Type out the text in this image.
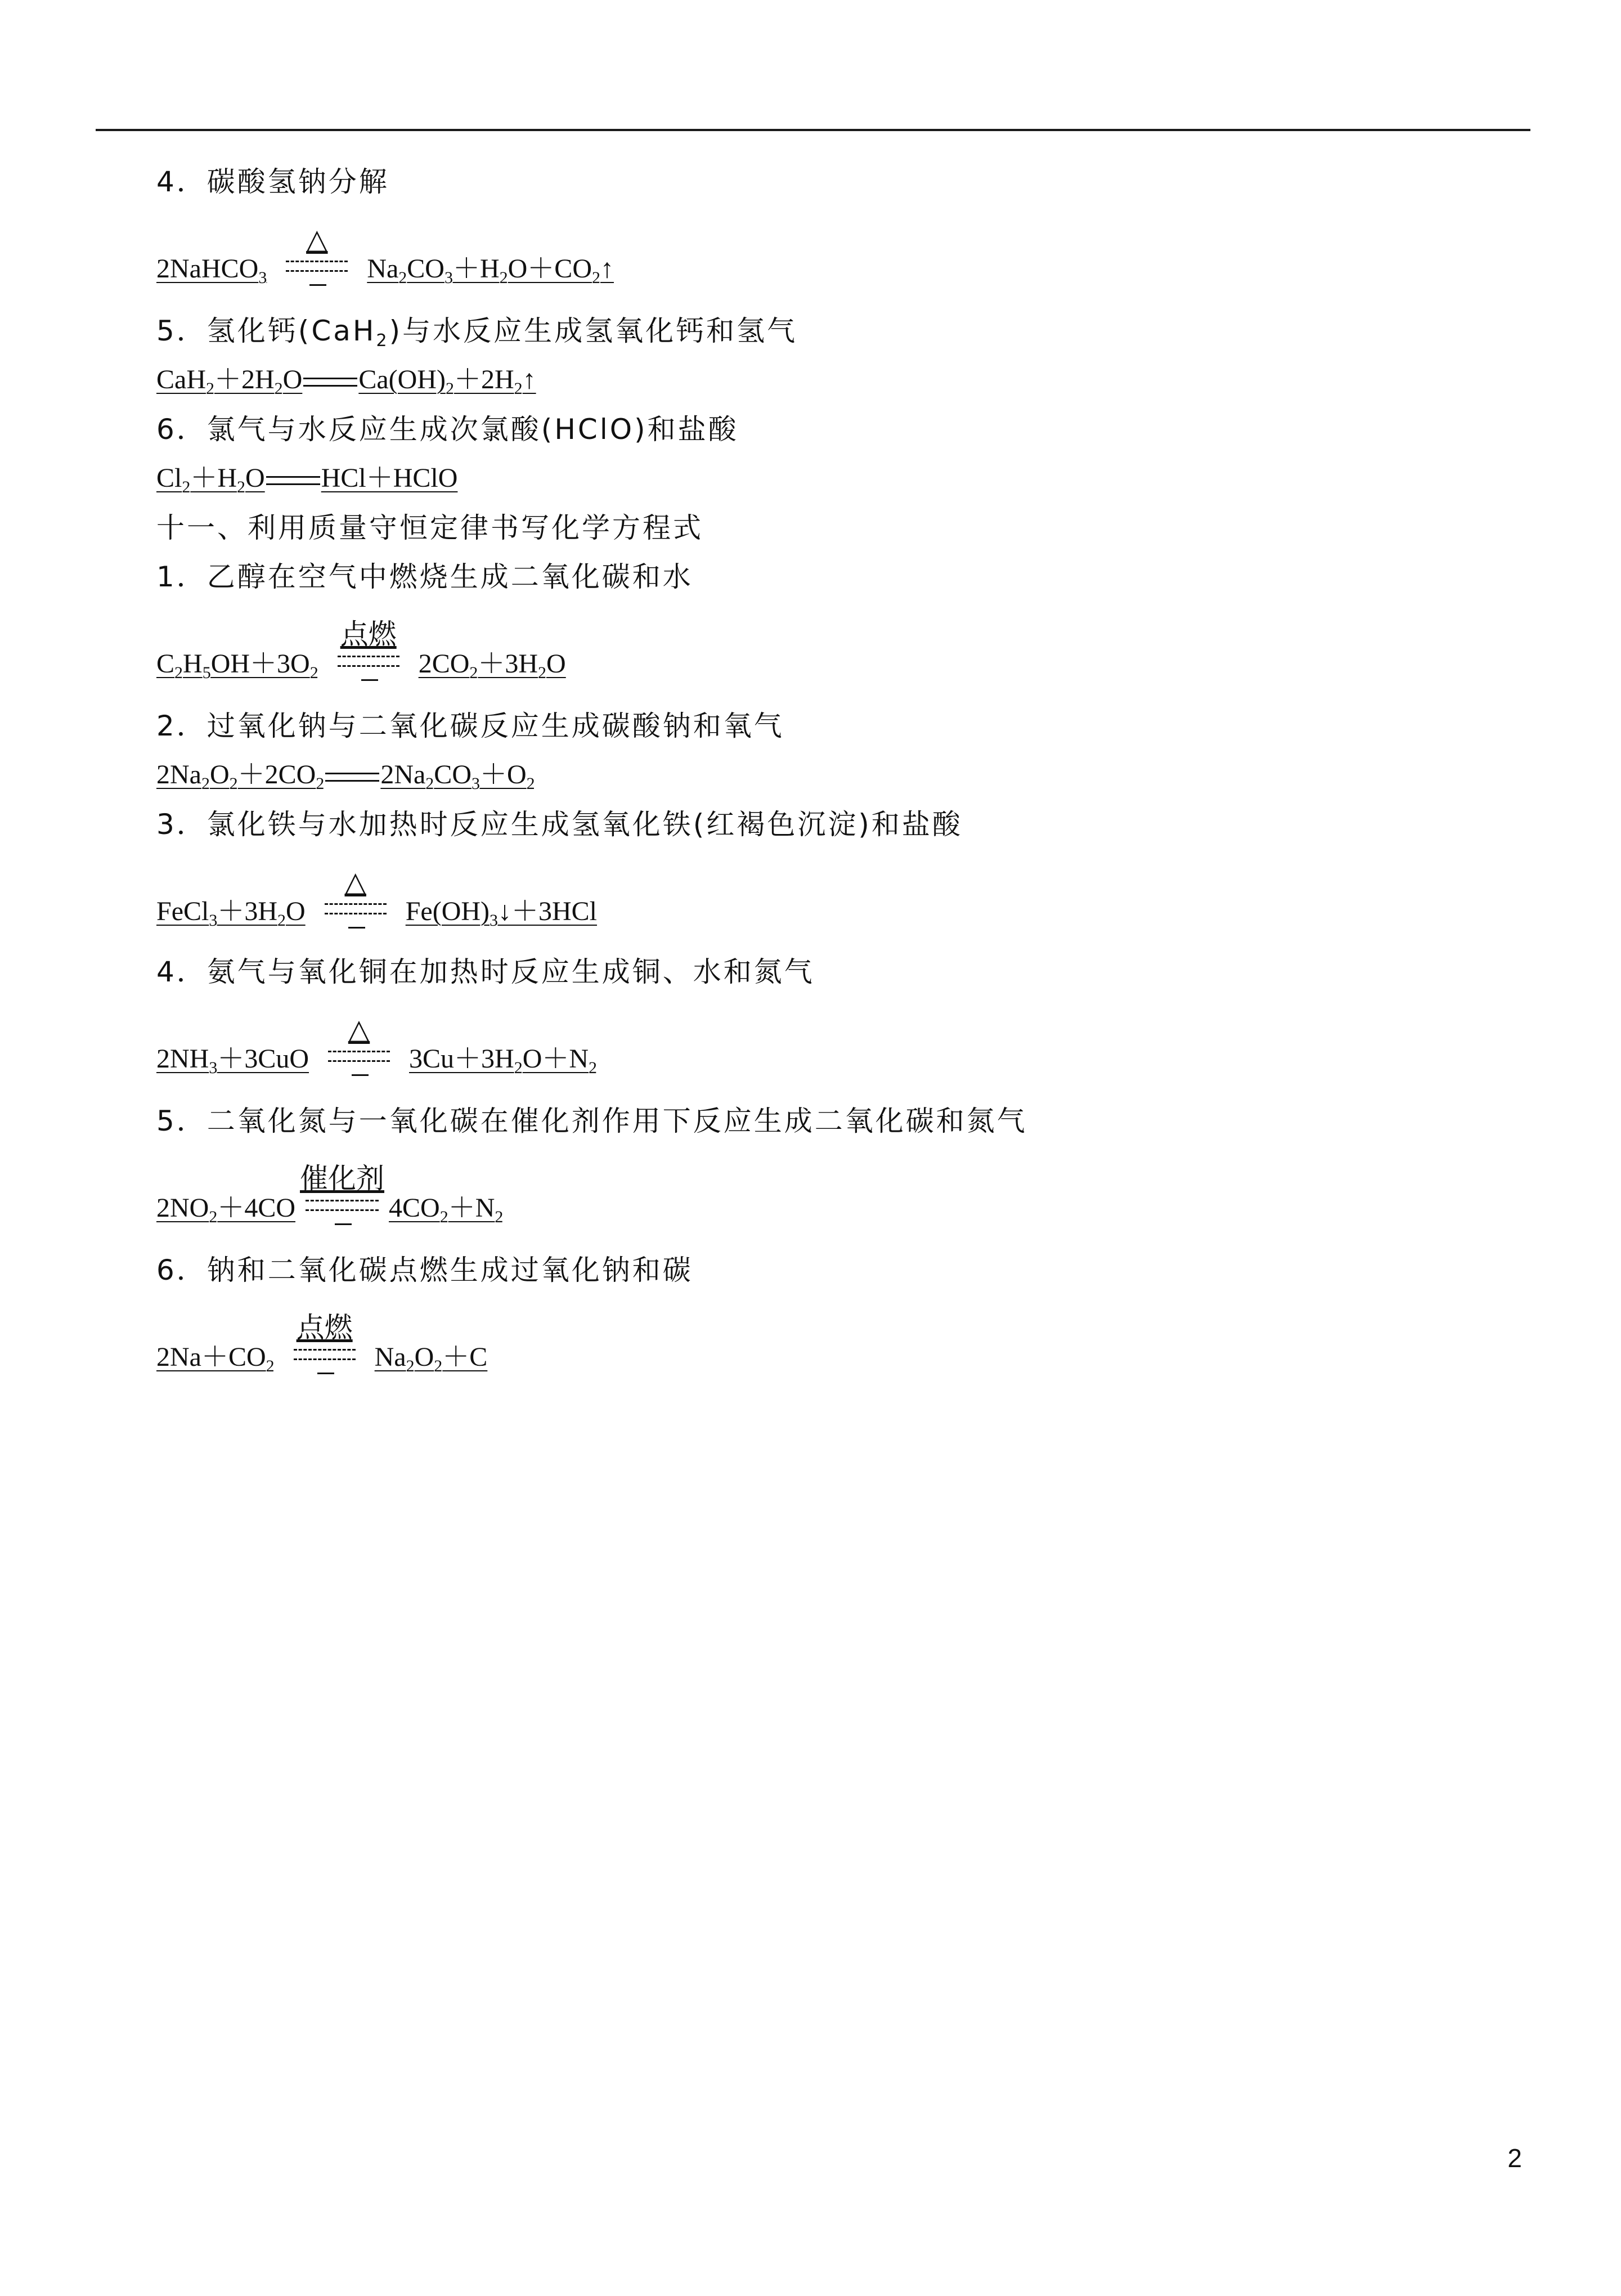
4．碳酸氢钠分解
2NaHCO$_3$
△
$Na_2CO_3+H_2O+CO_2↑$
5．氢化钙(CaH$_2$)与水反应生成氢氧化钙和氢气
$CaH_2+2H_2O$ $Ca(OH)_2+2H_2↑$
6．氯气与水反应生成次氯酸(HClO)和盐酸
$Cl_2+H_2O$ HCl＋HClO
十一、利用质量守恒定律书写化学方程式
1．乙醇在空气中燃烧生成二氧化碳和水
$C_2H_5OH+3O_2$
点燃
$2CO_2+3H_2O$
2．过氧化钠与二氧化碳反应生成碳酸钠和氧气
$2Na_2O_2+2CO_2$ $2Na_2CO_3+O_2$
3．氯化铁与水加热时反应生成氢氧化铁(红褐色沉淀)和盐酸
$FeCl_3+3H_2O$
△
$Fe(OH)_3↓+3HCl$
4．氨气与氧化铜在加热时反应生成铜、水和氮气
$2NH_3+3CuO$
△
$3Cu+3H_2O+N_2$
5．二氧化氮与一氧化碳在催化剂作用下反应生成二氧化碳和氮气
$2NO_2+4CO$
催化剂
$4CO_2+N_2$
6．钠和二氧化碳点燃生成过氧化钠和碳
$2Na+CO_2$
点燃
$Na_2O_2+C$
2
